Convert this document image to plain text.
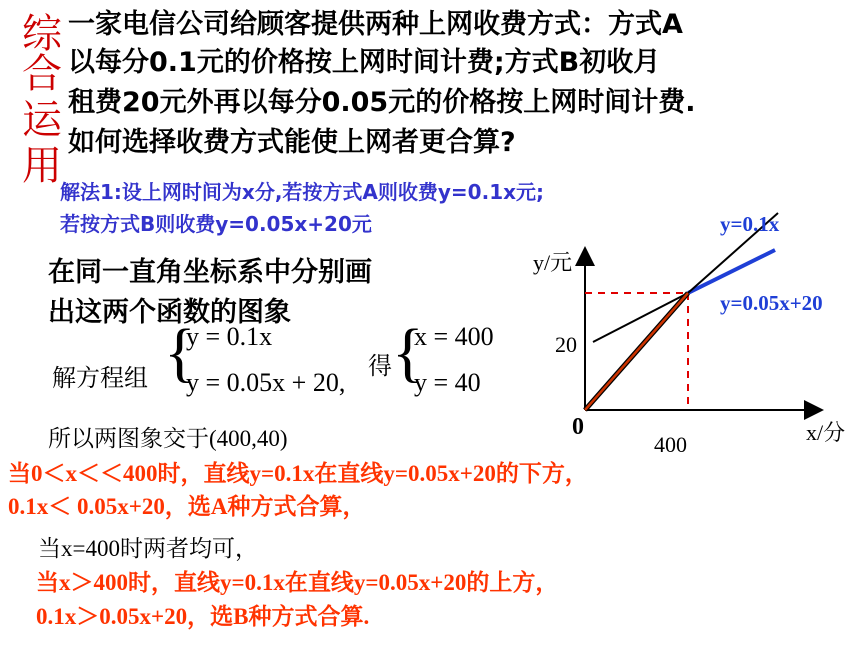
综
合
运
用
一家电信公司给顾客提供两种上网收费方式：方式A
以每分0.1元的价格按上网时间计费;方式B初收月
租费20元外再以每分0.05元的价格按上网时间计费.
如何选择收费方式能使上网者更合算?
解法1:设上网时间为x分,若按方式A则收费y=0.1x元;
若按方式B则收费y=0.05x+20元
在同一直角坐标系中分别画
出这两个函数的图象
解方程组 {
y = 0.1x
y = 0.05x + 20,
得 {
x = 400
y = 40
所以两图象交于(400,40)
当0＜x＜＜400时，直线y=0.1x在直线y=0.05x+20的下方，
0.1x＜ 0.05x+20，选A种方式合算，
当x=400时两者均可，
当x＞400时，直线y=0.1x在直线y=0.05x+20的上方，
0.1x＞0.05x+20，选B种方式合算.
y/元
x/分
0
400
20
y=0.1x
y=0.05x+20
